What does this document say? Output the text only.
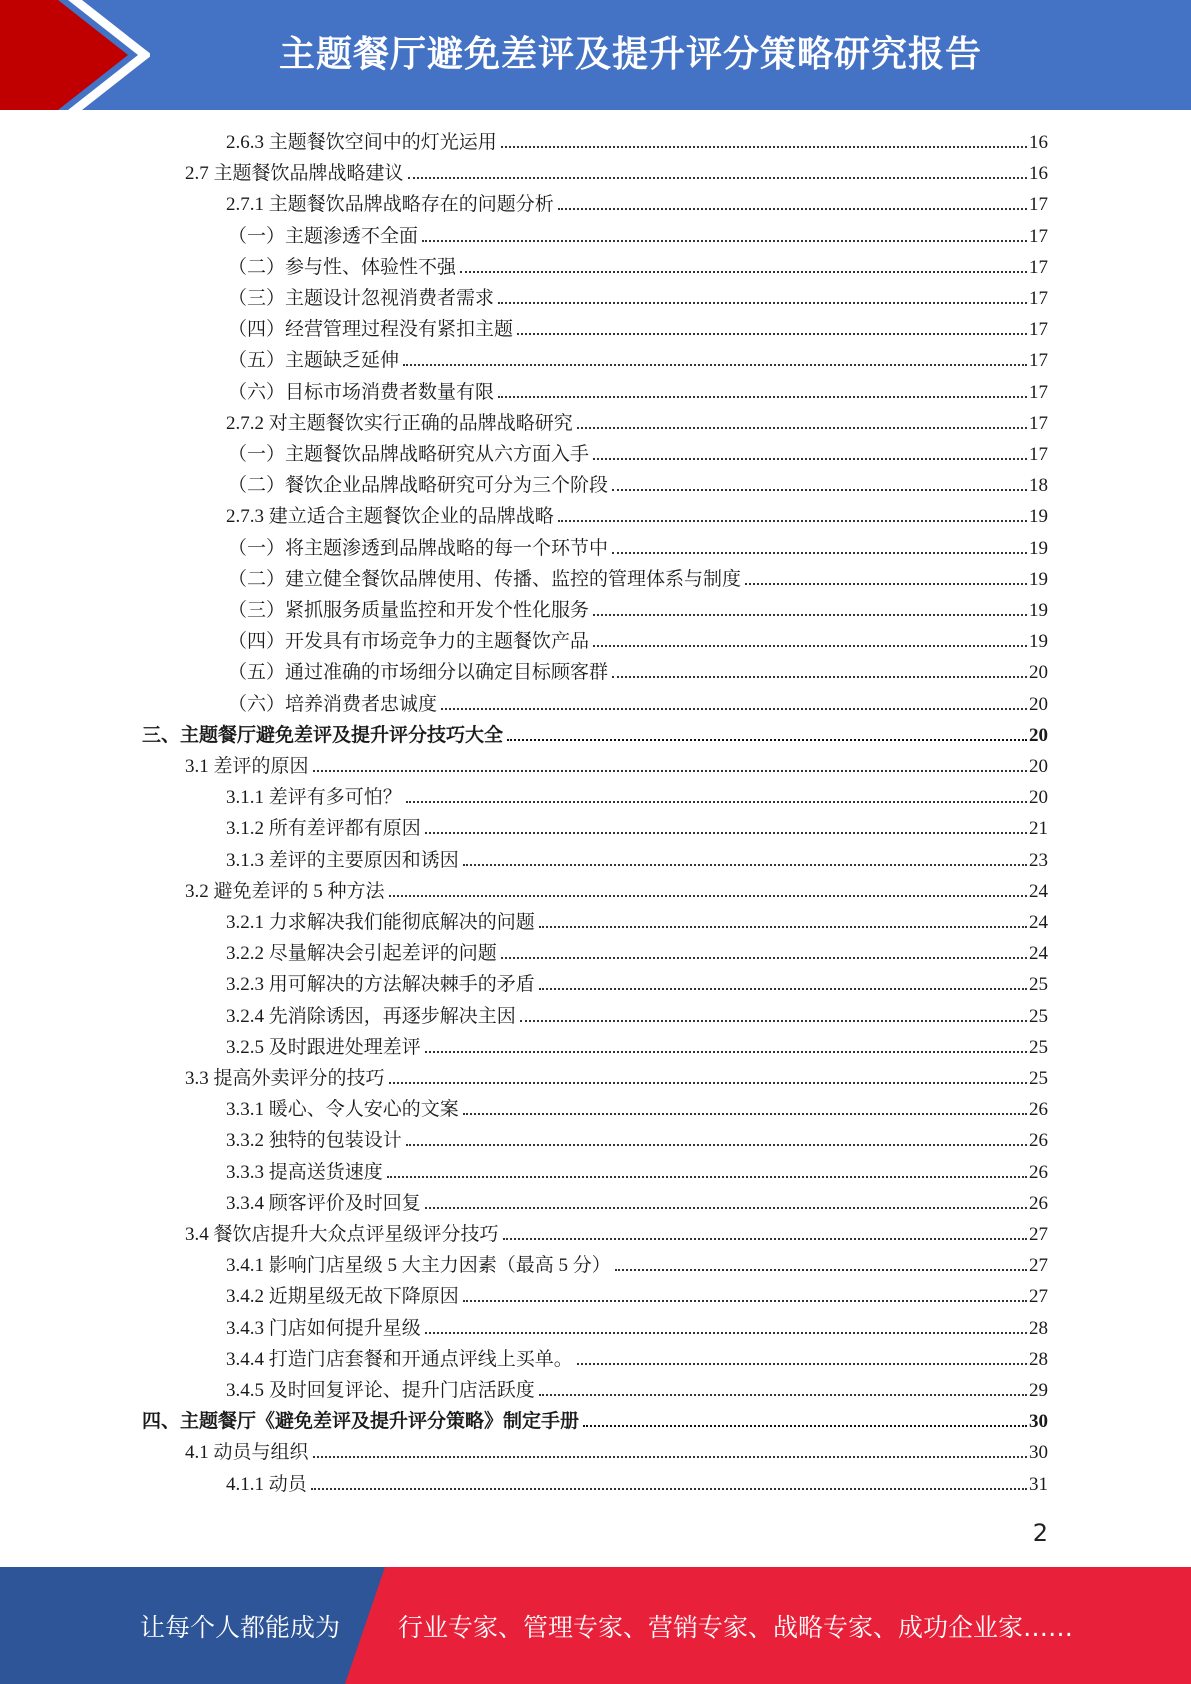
主题餐厅避免差评及提升评分策略研究报告
2.6.3 主题餐饮空间中的灯光运用	16
2.7 主题餐饮品牌战略建议	16
2.7.1 主题餐饮品牌战略存在的问题分析	17
（一）主题渗透不全面	17
（二）参与性、体验性不强	17
（三）主题设计忽视消费者需求	17
（四）经营管理过程没有紧扣主题	17
（五）主题缺乏延伸	17
（六）目标市场消费者数量有限	17
2.7.2 对主题餐饮实行正确的品牌战略研究	17
（一）主题餐饮品牌战略研究从六方面入手	17
（二）餐饮企业品牌战略研究可分为三个阶段	18
2.7.3 建立适合主题餐饮企业的品牌战略	19
（一）将主题渗透到品牌战略的每一个环节中	19
（二）建立健全餐饮品牌使用、传播、监控的管理体系与制度	19
（三）紧抓服务质量监控和开发个性化服务	19
（四）开发具有市场竞争力的主题餐饮产品	19
（五）通过准确的市场细分以确定目标顾客群	20
（六）培养消费者忠诚度	20
三、主题餐厅避免差评及提升评分技巧大全	20
3.1 差评的原因	20
3.1.1 差评有多可怕？	20
3.1.2 所有差评都有原因	21
3.1.3 差评的主要原因和诱因	23
3.2 避免差评的 5 种方法	24
3.2.1 力求解决我们能彻底解决的问题	24
3.2.2 尽量解决会引起差评的问题	24
3.2.3 用可解决的方法解决棘手的矛盾	25
3.2.4 先消除诱因，再逐步解决主因	25
3.2.5 及时跟进处理差评	25
3.3 提高外卖评分的技巧	25
3.3.1 暖心、令人安心的文案	26
3.3.2 独特的包装设计	26
3.3.3 提高送货速度	26
3.3.4 顾客评价及时回复	26
3.4 餐饮店提升大众点评星级评分技巧	27
3.4.1 影响门店星级 5 大主力因素（最高 5 分）	27
3.4.2 近期星级无故下降原因	27
3.4.3 门店如何提升星级	28
3.4.4 打造门店套餐和开通点评线上买单。	28
3.4.5 及时回复评论、提升门店活跃度	29
四、主题餐厅《避免差评及提升评分策略》制定手册	30
4.1 动员与组织	30
4.1.1 动员	31
2
让每个人都能成为 行业专家、管理专家、营销专家、战略专家、成功企业家……
